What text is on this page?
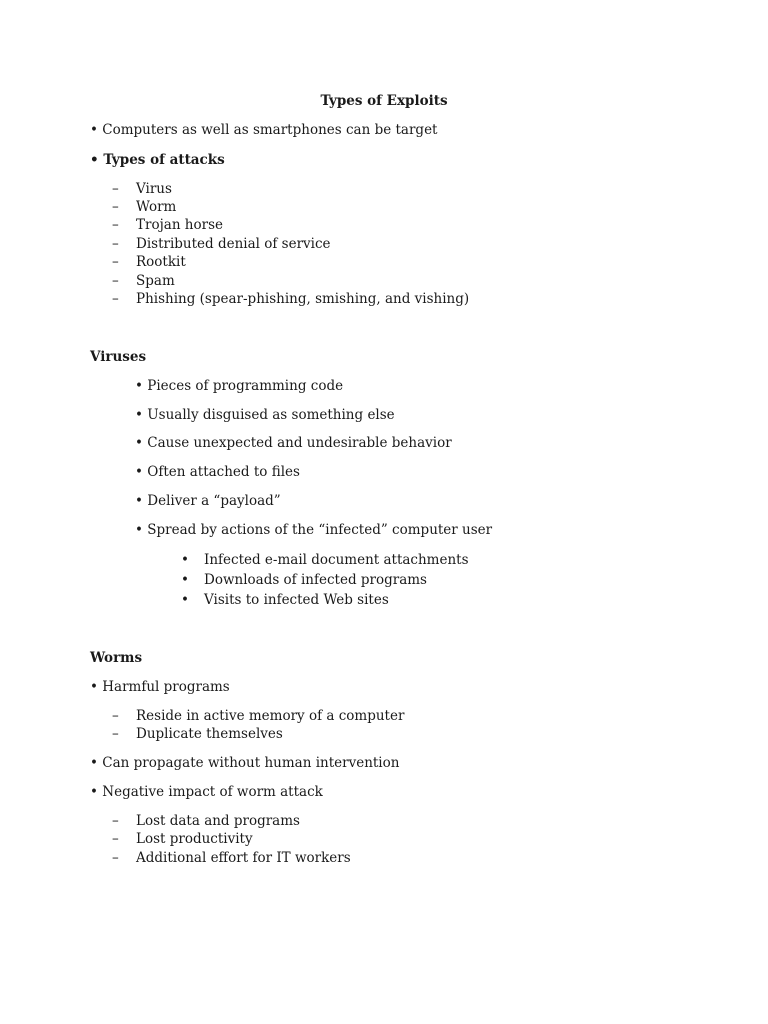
Types of Exploits
• Computers as well as smartphones can be target
• Types of attacks
– Virus
– Worm
– Trojan horse
– Distributed denial of service
– Rootkit
– Spam
– Phishing (spear-phishing, smishing, and vishing)
Viruses
• Pieces of programming code
• Usually disguised as something else
• Cause unexpected and undesirable behavior
• Often attached to files
• Deliver a “payload”
• Spread by actions of the “infected” computer user
• Infected e-mail document attachments
• Downloads of infected programs
• Visits to infected Web sites
Worms
• Harmful programs
– Reside in active memory of a computer
– Duplicate themselves
• Can propagate without human intervention
• Negative impact of worm attack
– Lost data and programs
– Lost productivity
– Additional effort for IT workers
